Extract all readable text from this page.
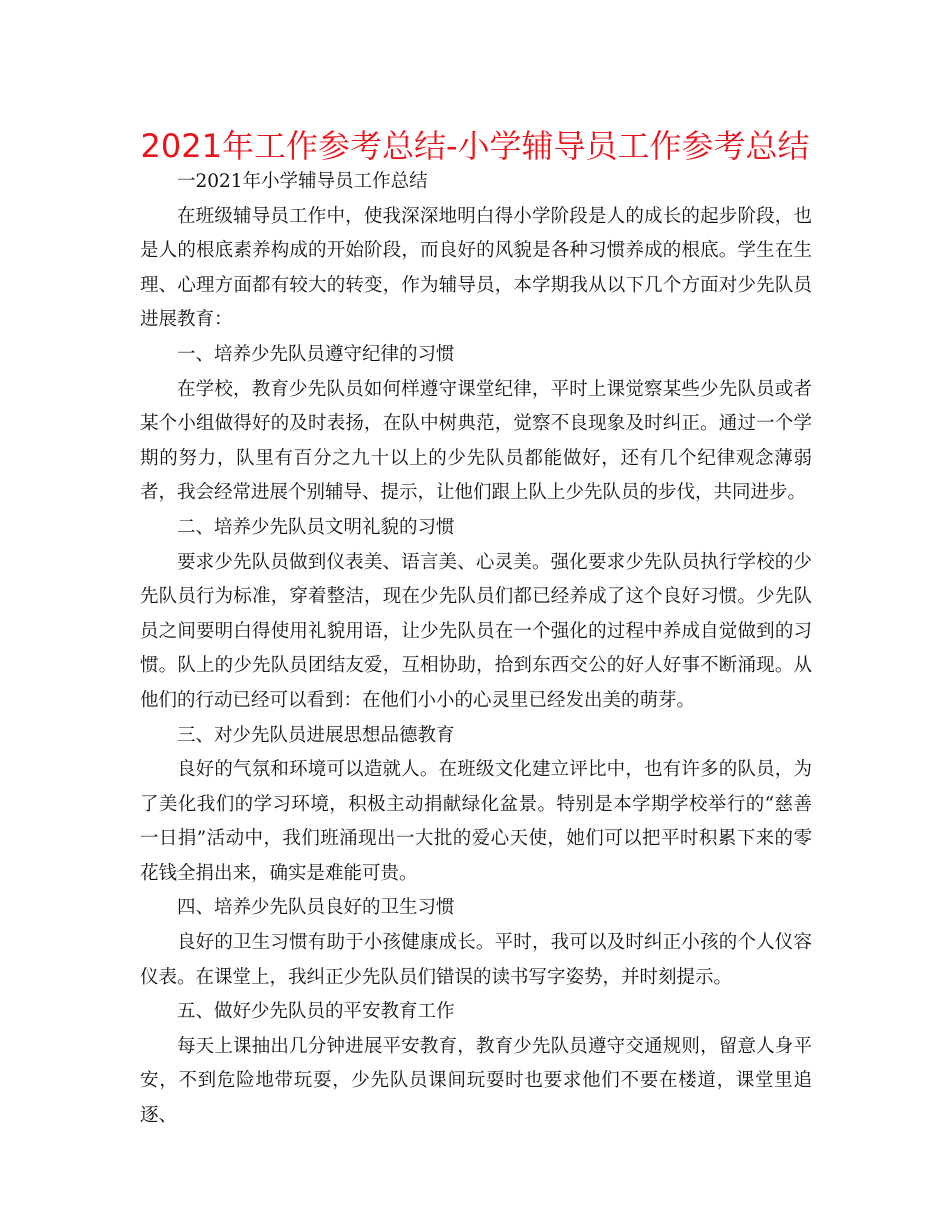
2021年工作参考总结-小学辅导员工作参考总结

一2021年小学辅导员工作总结

在班级辅导员工作中，使我深深地明白得小学阶段是人的成长的起步阶段，也是人的根底素养构成的开始阶段，而良好的风貌是各种习惯养成的根底。学生在生理、心理方面都有较大的转变，作为辅导员，本学期我从以下几个方面对少先队员进展教育：

一、培养少先队员遵守纪律的习惯

在学校，教育少先队员如何样遵守课堂纪律，平时上课觉察某些少先队员或者某个小组做得好的及时表扬，在队中树典范，觉察不良现象及时纠正。通过一个学期的努力，队里有百分之九十以上的少先队员都能做好，还有几个纪律观念薄弱者，我会经常进展个别辅导、提示，让他们跟上队上少先队员的步伐，共同进步。

二、培养少先队员文明礼貌的习惯

要求少先队员做到仪表美、语言美、心灵美。强化要求少先队员执行学校的少先队员行为标准，穿着整洁，现在少先队员们都已经养成了这个良好习惯。少先队员之间要明白得使用礼貌用语，让少先队员在一个强化的过程中养成自觉做到的习惯。队上的少先队员团结友爱，互相协助，拾到东西交公的好人好事不断涌现。从他们的行动已经可以看到：在他们小小的心灵里已经发出美的萌芽。

三、对少先队员进展思想品德教育

良好的气氛和环境可以造就人。在班级文化建立评比中，也有许多的队员，为了美化我们的学习环境，积极主动捐献绿化盆景。特别是本学期学校举行的“慈善一日捐”活动中，我们班涌现出一大批的爱心天使，她们可以把平时积累下来的零花钱全捐出来，确实是难能可贵。

四、培养少先队员良好的卫生习惯

良好的卫生习惯有助于小孩健康成长。平时，我可以及时纠正小孩的个人仪容仪表。在课堂上，我纠正少先队员们错误的读书写字姿势，并时刻提示。

五、做好少先队员的平安教育工作

每天上课抽出几分钟进展平安教育，教育少先队员遵守交通规则，留意人身平安，不到危险地带玩耍，少先队员课间玩耍时也要求他们不要在楼道，课堂里追逐、
